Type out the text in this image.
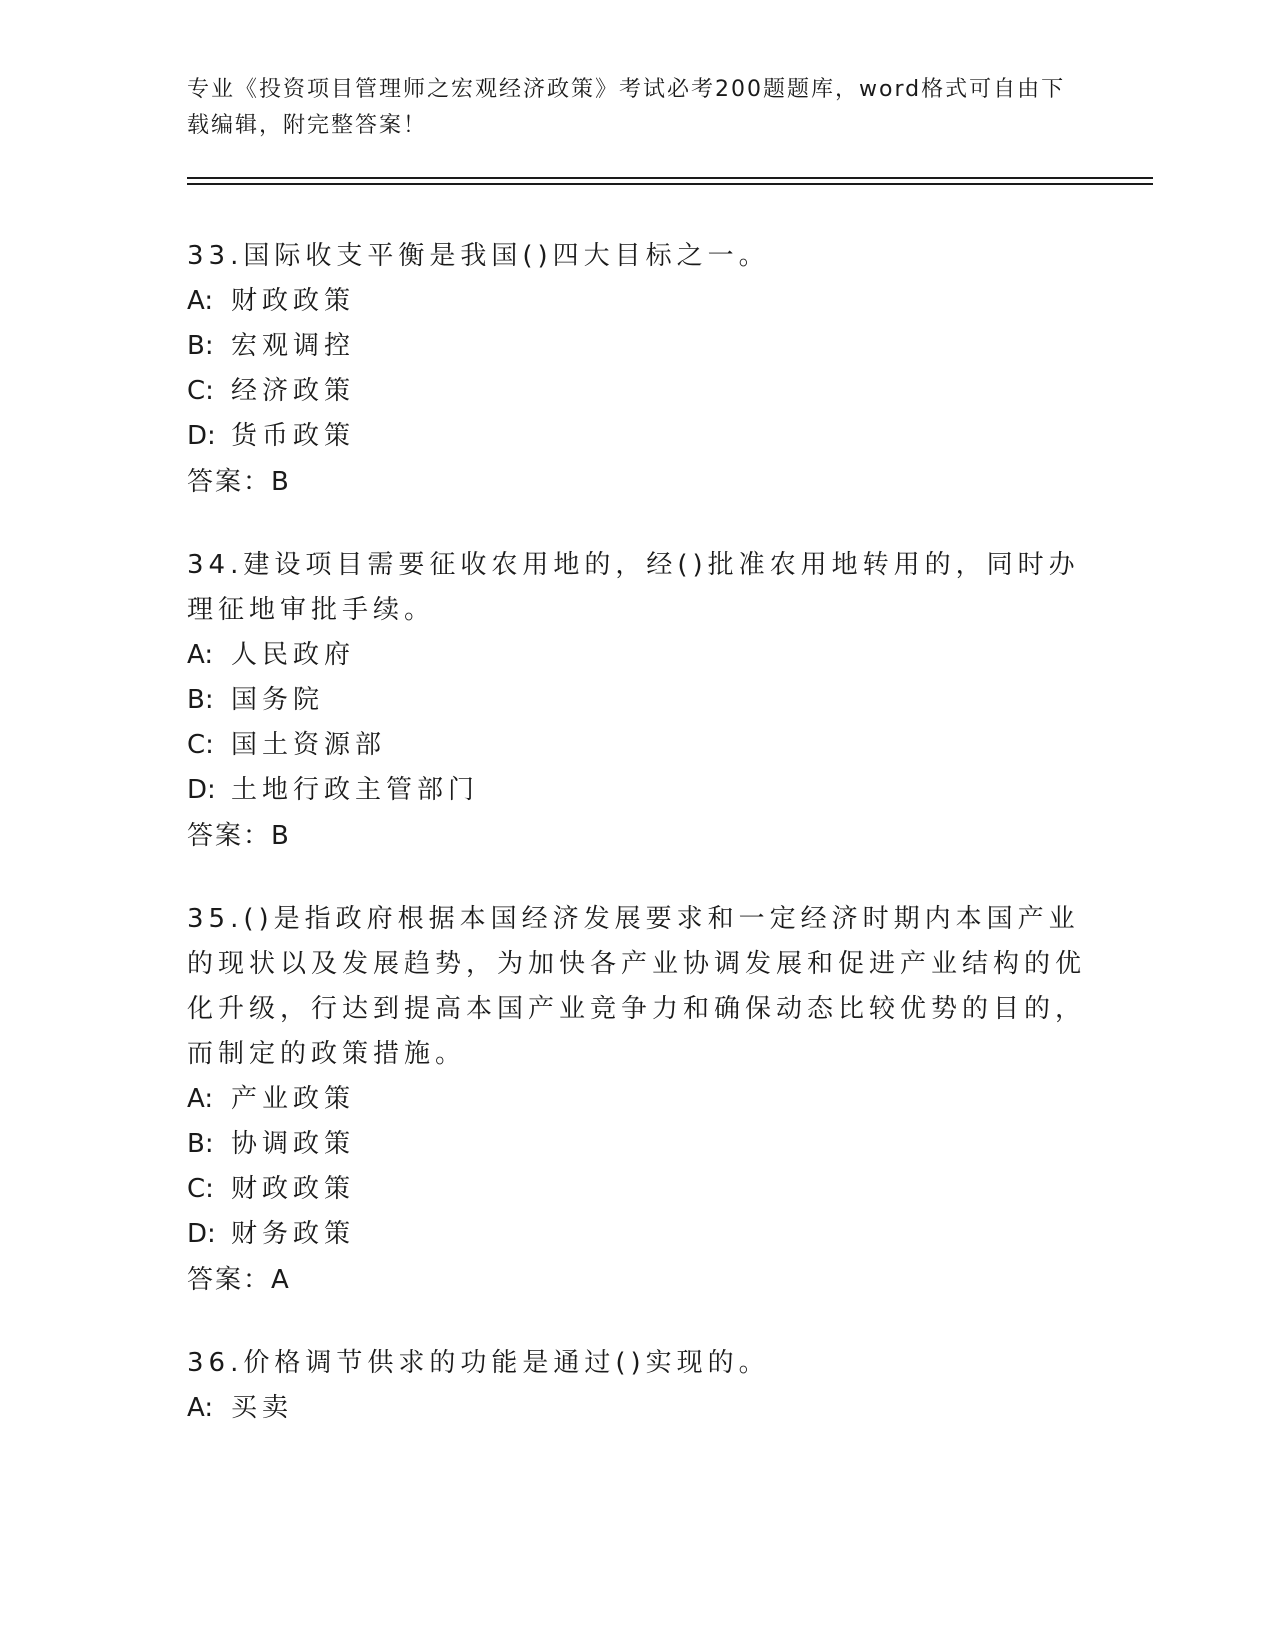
专业《投资项目管理师之宏观经济政策》考试必考200题题库，word格式可自由下载编辑，附完整答案！

33.国际收支平衡是我国()四大目标之一。

A: 财政政策
B: 宏观调控
C: 经济政策
D: 货币政策
答案：B

34.建设项目需要征收农用地的，经()批准农用地转用的，同时办理征地审批手续。

A: 人民政府
B: 国务院
C: 国土资源部
D: 土地行政主管部门
答案：B

35.()是指政府根据本国经济发展要求和一定经济时期内本国产业的现状以及发展趋势，为加快各产业协调发展和促进产业结构的优化升级，行达到提高本国产业竞争力和确保动态比较优势的目的，而制定的政策措施。

A: 产业政策
B: 协调政策
C: 财政政策
D: 财务政策
答案：A

36.价格调节供求的功能是通过()实现的。

A: 买卖
